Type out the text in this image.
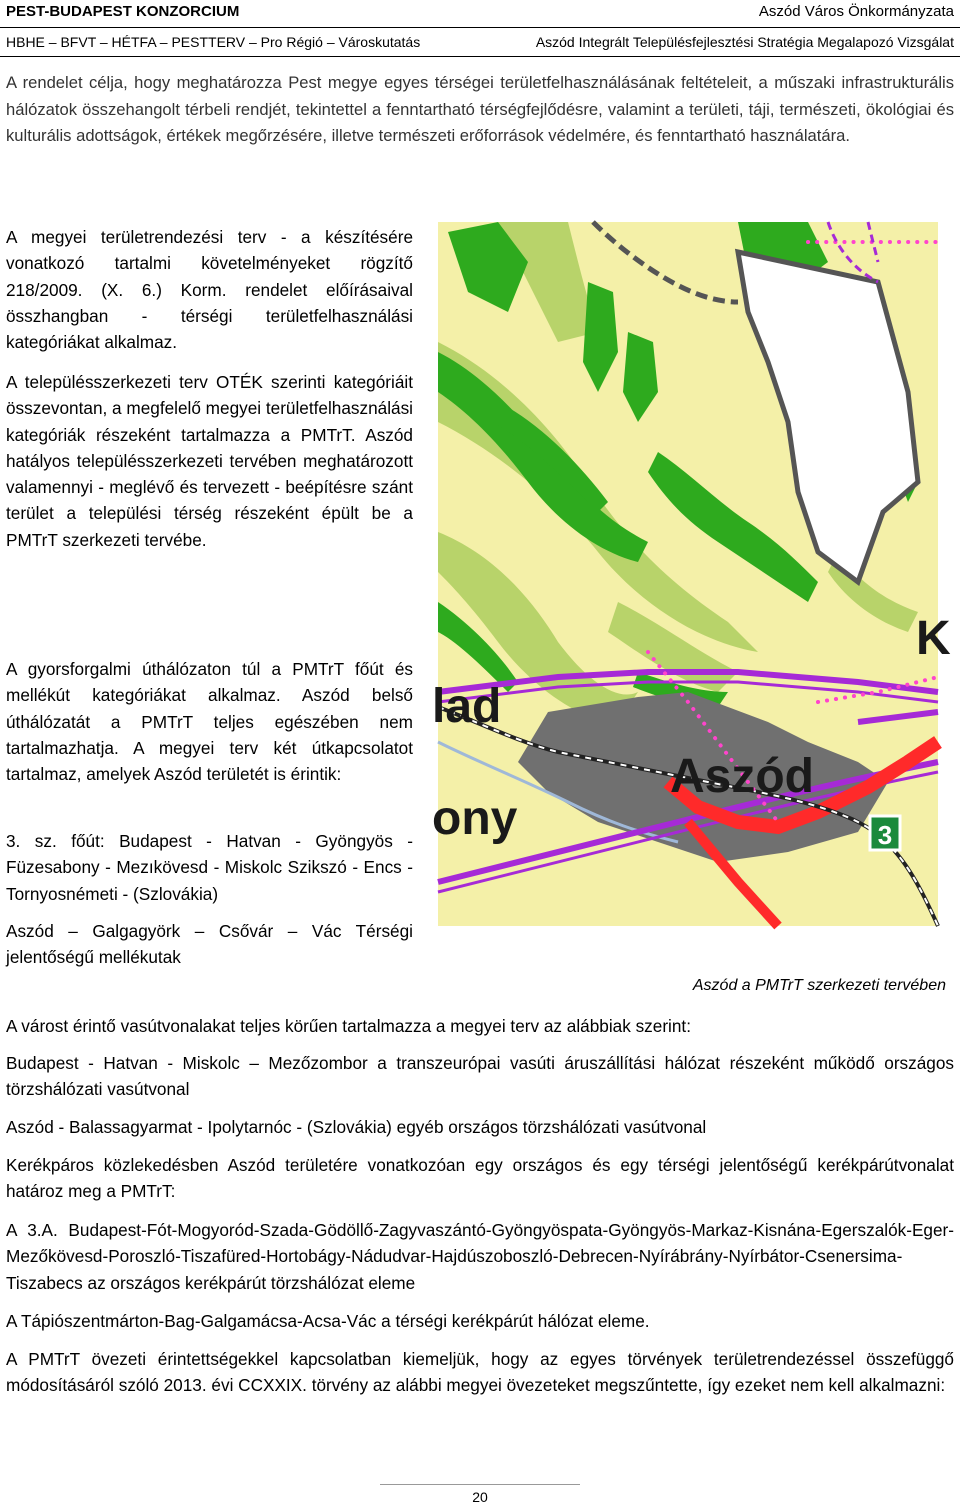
PEST-BUDAPEST KONZORCIUM	Aszód Város Önkormányzata
HBHE – BFVT – HÉTFA – PESTTERV – Pro Régió – Városkutatás	Aszód Integrált Településfejlesztési Stratégia Megalapozó Vizsgálat

A rendelet célja, hogy meghatározza Pest megye egyes térségei területfelhasználásának feltételeit, a műszaki infrastrukturális hálózatok összehangolt térbeli rendjét, tekintettel a fenntartható térségfejlődésre, valamint a területi, táji, természeti, ökológiai és kulturális adottságok, értékek megőrzésére, illetve természeti erőforrások védelmére, és fenntartható használatára.

A megyei területrendezési terv - a készítésére vonatkozó tartalmi követelményeket rögzítő 218/2009. (X. 6.) Korm. rendelet előírásaival összhangban - térségi területfelhasználási kategóriákat alkalmaz.

A településszerkezeti terv OTÉK szerinti kategóriáit összevontan, a megfelelő megyei területfelhasználási kategóriák részeként tartalmazza a PMTrT. Aszód hatályos településszerkezeti tervében meghatározott valamennyi - meglévő és tervezett - beépítésre szánt terület a települési térség részeként épült be a PMTrT szerkezeti tervébe.

A gyorsforgalmi úthálózaton túl a PMTrT főút és mellékút kategóriákat alkalmaz. Aszód belső úthálózatát a PMTrT teljes egészében nem tartalmazhatja. A megyei terv két útkapcsolatot tartalmaz, amelyek Aszód területét is érintik:

3. sz. főút: Budapest - Hatvan - Gyöngyös - Füzesabony - Mezıkövesd - Miskolc Szikszó - Encs - Tornyosnémeti - (Szlovákia)

Aszód – Galgagyörk – Csővár – Vác Térségi jelentőségű mellékutak

Aszód
lad
ony
K
3
Aszód a PMTrT szerkezeti tervében

A várost érintő vasútvonalakat teljes körűen tartalmazza a megyei terv az alábbiak szerint:

Budapest - Hatvan - Miskolc – Mezőzombor a transzeurópai vasúti áruszállítási hálózat részeként működő országos törzshálózati vasútvonal

Aszód - Balassagyarmat - Ipolytarnóc - (Szlovákia) egyéb országos törzshálózati vasútvonal

Kerékpáros közlekedésben Aszód területére vonatkozóan egy országos és egy térségi jelentőségű kerékpárútvonalat határoz meg a PMTrT:

A 3.A. Budapest-Fót-Mogyoród-Szada-Gödöllő-Zagyvaszántó-Gyöngyöspata-Gyöngyös-Markaz-Kisnána-Egerszalók-Eger-Mezőkövesd-Poroszló-Tiszafüred-Hortobágy-Nádudvar-Hajdúszoboszló-Debrecen-Nyírábrány-Nyírbátor-Csenersima-Tiszabecs az országos kerékpárút törzshálózat eleme

A Tápiószentmárton-Bag-Galgamácsa-Acsa-Vác a térségi kerékpárút hálózat eleme.

A PMTrT övezeti érintettségekkel kapcsolatban kiemeljük, hogy az egyes törvények területrendezéssel összefüggő módosításáról szóló 2013. évi CCXXIX. törvény az alábbi megyei övezeteket megszűntette, így ezeket nem kell alkalmazni:

20
